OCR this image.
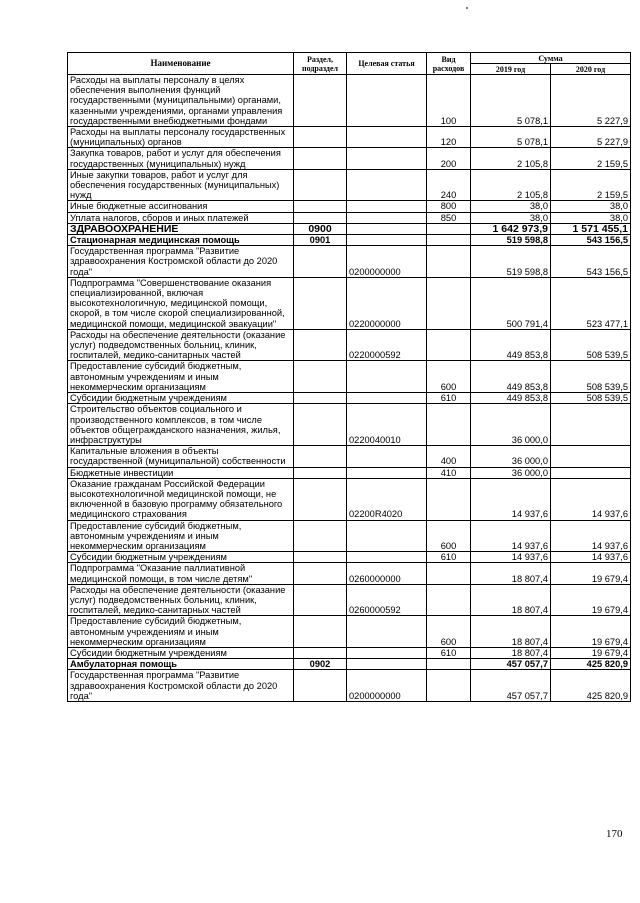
Наименование	Раздел, подраздел	Целевая статья	Вид расходов	Сумма	
				2019 год	2020 год
Расходы на выплаты персоналу в целях обеспечения выполнения функций государственными (муниципальными) органами, казенными учреждениями, органами управления государственными внебюджетными фондами			100	5 078,1	5 227,9
Расходы на выплаты персоналу государственных (муниципальных) органов			120	5 078,1	5 227,9
Закупка товаров, работ и услуг для обеспечения государственных (муниципальных) нужд			200	2 105,8	2 159,5
Иные закупки товаров, работ и услуг для обеспечения государственных (муниципальных) нужд			240	2 105,8	2 159,5
Иные бюджетные ассигнования			800	38,0	38,0
Уплата налогов, сборов и иных платежей			850	38,0	38,0
ЗДРАВООХРАНЕНИЕ	0900			1 642 973,9	1 571 455,1
Стационарная медицинская помощь	0901			519 598,8	543 156,5
Государственная программа "Развитие здравоохранения Костромской области до 2020 года"		0200000000		519 598,8	543 156,5
Подпрограмма "Совершенствование оказания специализированной, включая высокотехнологичную, медицинской помощи, скорой, в том числе скорой специализированной, медицинской помощи, медицинской эвакуации"		0220000000		500 791,4	523 477,1
Расходы на обеспечение деятельности (оказание услуг) подведомственных больниц, клиник, госпиталей, медико-санитарных частей		0220000592		449 853,8	508 539,5
Предоставление субсидий бюджетным, автономным учреждениям и иным некоммерческим организациям			600	449 853,8	508 539,5
Субсидии бюджетным учреждениям			610	449 853,8	508 539,5
Строительство объектов социального и производственного комплексов, в том числе объектов общегражданского назначения, жилья, инфраструктуры		0220040010		36 000,0	
Капитальные вложения в объекты государственной (муниципальной) собственности			400	36 000,0	
Бюджетные инвестиции			410	36 000,0	
Оказание гражданам Российской Федерации высокотехнологичной медицинской помощи, не включенной в базовую программу обязательного медицинского страхования		02200R4020		14 937,6	14 937,6
Предоставление субсидий бюджетным, автономным учреждениям и иным некоммерческим организациям			600	14 937,6	14 937,6
Субсидии бюджетным учреждениям			610	14 937,6	14 937,6
Подпрограмма "Оказание паллиативной медицинской помощи, в том числе детям"		0260000000		18 807,4	19 679,4
Расходы на обеспечение деятельности (оказание услуг) подведомственных больниц, клиник, госпиталей, медико-санитарных частей		0260000592		18 807,4	19 679,4
Предоставление субсидий бюджетным, автономным учреждениям и иным некоммерческим организациям			600	18 807,4	19 679,4
Субсидии бюджетным учреждениям			610	18 807,4	19 679,4
Амбулаторная помощь	0902			457 057,7	425 820,9
Государственная программа "Развитие здравоохранения Костромской области до 2020 года"		0200000000		457 057,7	425 820,9
170
